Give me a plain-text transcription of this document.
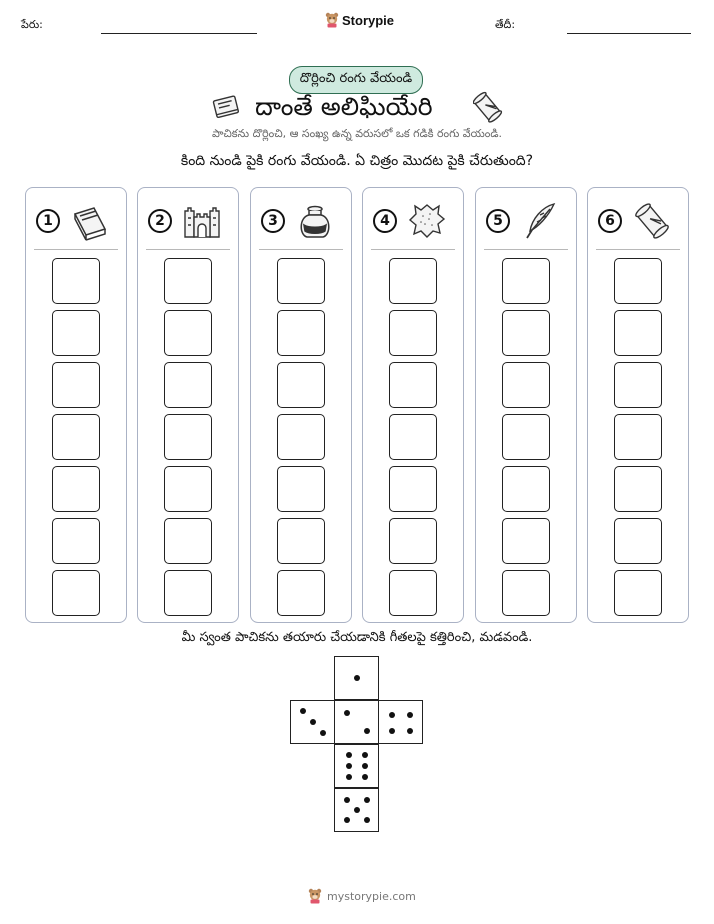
పేరు:	Storypie	తేదీ:
దొర్లించి రంగు వేయండి
దాంతే అలిఘియేరి
పాచికను దొర్లించి, ఆ సంఖ్య ఉన్న వరుసలో ఒక గడికి రంగు వేయండి.
కింది నుండి పైకి రంగు వేయండి. ఏ చిత్రం మొదట పైకి చేరుతుంది?
1	2	3	4	5	6
మీ స్వంత పాచికను తయారు చేయడానికి గీతలపై కత్తిరించి, మడవండి.
mystorypie.com
